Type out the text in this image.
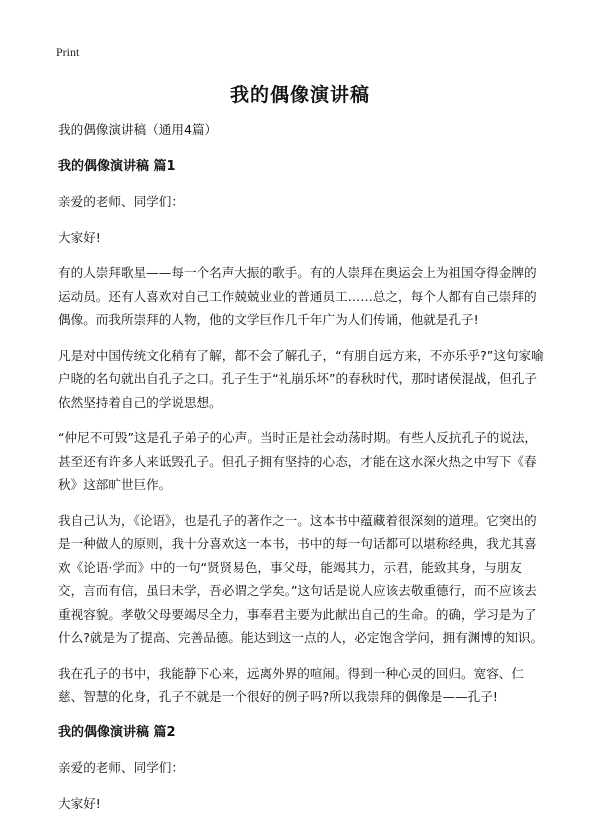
Print
我的偶像演讲稿

我的偶像演讲稿（通用4篇）

我的偶像演讲稿 篇1

亲爱的老师、同学们：

大家好!

有的人崇拜歌星——每一个名声大振的歌手。有的人崇拜在奥运会上为祖国夺得金牌的运动员。还有人喜欢对自己工作兢兢业业的普通员工……总之，每个人都有自己崇拜的偶像。而我所崇拜的人物，他的文学巨作几千年广为人们传诵，他就是孔子!

凡是对中国传统文化稍有了解，都不会了解孔子，“有朋自远方来，不亦乐乎?”这句家喻户晓的名句就出自孔子之口。孔子生于“礼崩乐坏”的春秋时代，那时诸侯混战，但孔子依然坚持着自己的学说思想。

“仲尼不可毁”这是孔子弟子的心声。当时正是社会动荡时期。有些人反抗孔子的说法，甚至还有许多人来诋毁孔子。但孔子拥有坚持的心态，才能在这水深火热之中写下《春秋》这部旷世巨作。

我自己认为，《论语》，也是孔子的著作之一。这本书中蕴藏着很深刻的道理。它突出的是一种做人的原则，我十分喜欢这一本书，书中的每一句话都可以堪称经典，我尤其喜欢《论语·学而》中的一句“贤贤易色，事父母，能竭其力，示君，能致其身，与朋友交，言而有信，虽曰未学，吾必谓之学矣。”这句话是说人应该去敬重德行，而不应该去重视容貌。孝敬父母要竭尽全力，事奉君主要为此献出自己的生命。的确，学习是为了什么?就是为了提高、完善品德。能达到这一点的人，必定饱含学问，拥有渊博的知识。

我在孔子的书中，我能静下心来，远离外界的喧闹。得到一种心灵的回归。宽容、仁慈、智慧的化身，孔子不就是一个很好的例子吗?所以我崇拜的偶像是——孔子!

我的偶像演讲稿 篇2

亲爱的老师、同学们：

大家好!
